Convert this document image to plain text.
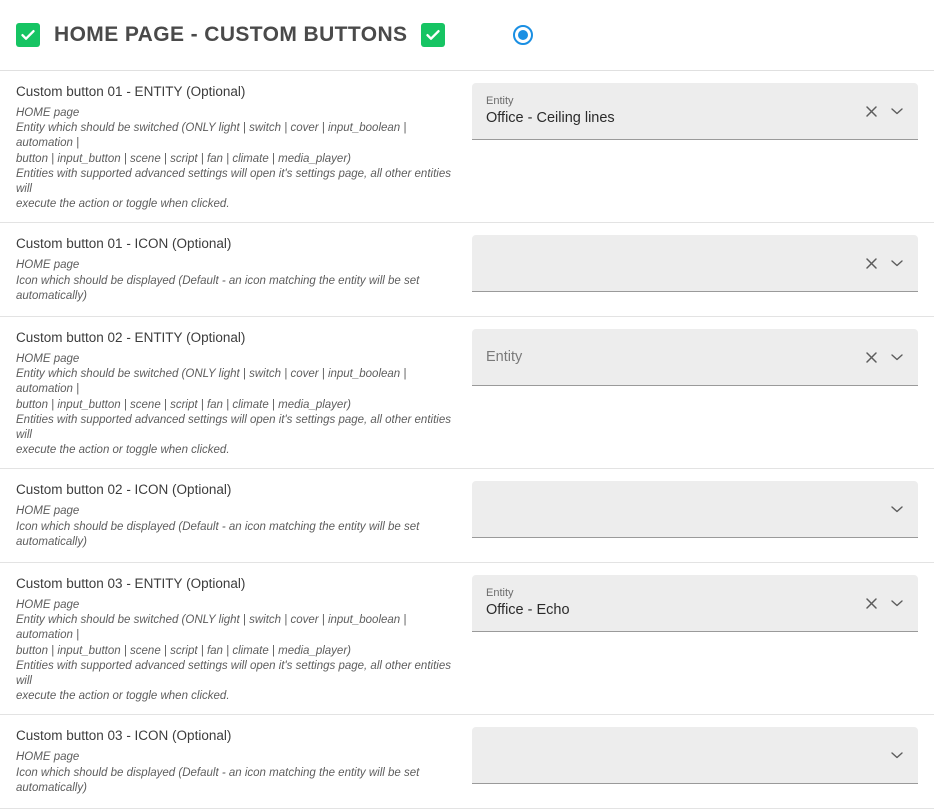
HOME PAGE - CUSTOM BUTTONS
Custom button 01 - ENTITY (Optional)
HOME page
Entity which should be switched (ONLY light | switch | cover | input_boolean | automation |
button | input_button | scene | script | fan | climate | media_player)
Entities with supported advanced settings will open it's settings page, all other entities will
execute the action or toggle when clicked.
Entity
Office - Ceiling lines
Custom button 01 - ICON (Optional)
HOME page
Icon which should be displayed (Default - an icon matching the entity will be set
automatically)
Custom button 02 - ENTITY (Optional)
HOME page
Entity which should be switched (ONLY light | switch | cover | input_boolean | automation |
button | input_button | scene | script | fan | climate | media_player)
Entities with supported advanced settings will open it's settings page, all other entities will
execute the action or toggle when clicked.
Entity
Custom button 02 - ICON (Optional)
HOME page
Icon which should be displayed (Default - an icon matching the entity will be set
automatically)
Custom button 03 - ENTITY (Optional)
HOME page
Entity which should be switched (ONLY light | switch | cover | input_boolean | automation |
button | input_button | scene | script | fan | climate | media_player)
Entities with supported advanced settings will open it's settings page, all other entities will
execute the action or toggle when clicked.
Entity
Office - Echo
Custom button 03 - ICON (Optional)
HOME page
Icon which should be displayed (Default - an icon matching the entity will be set
automatically)
